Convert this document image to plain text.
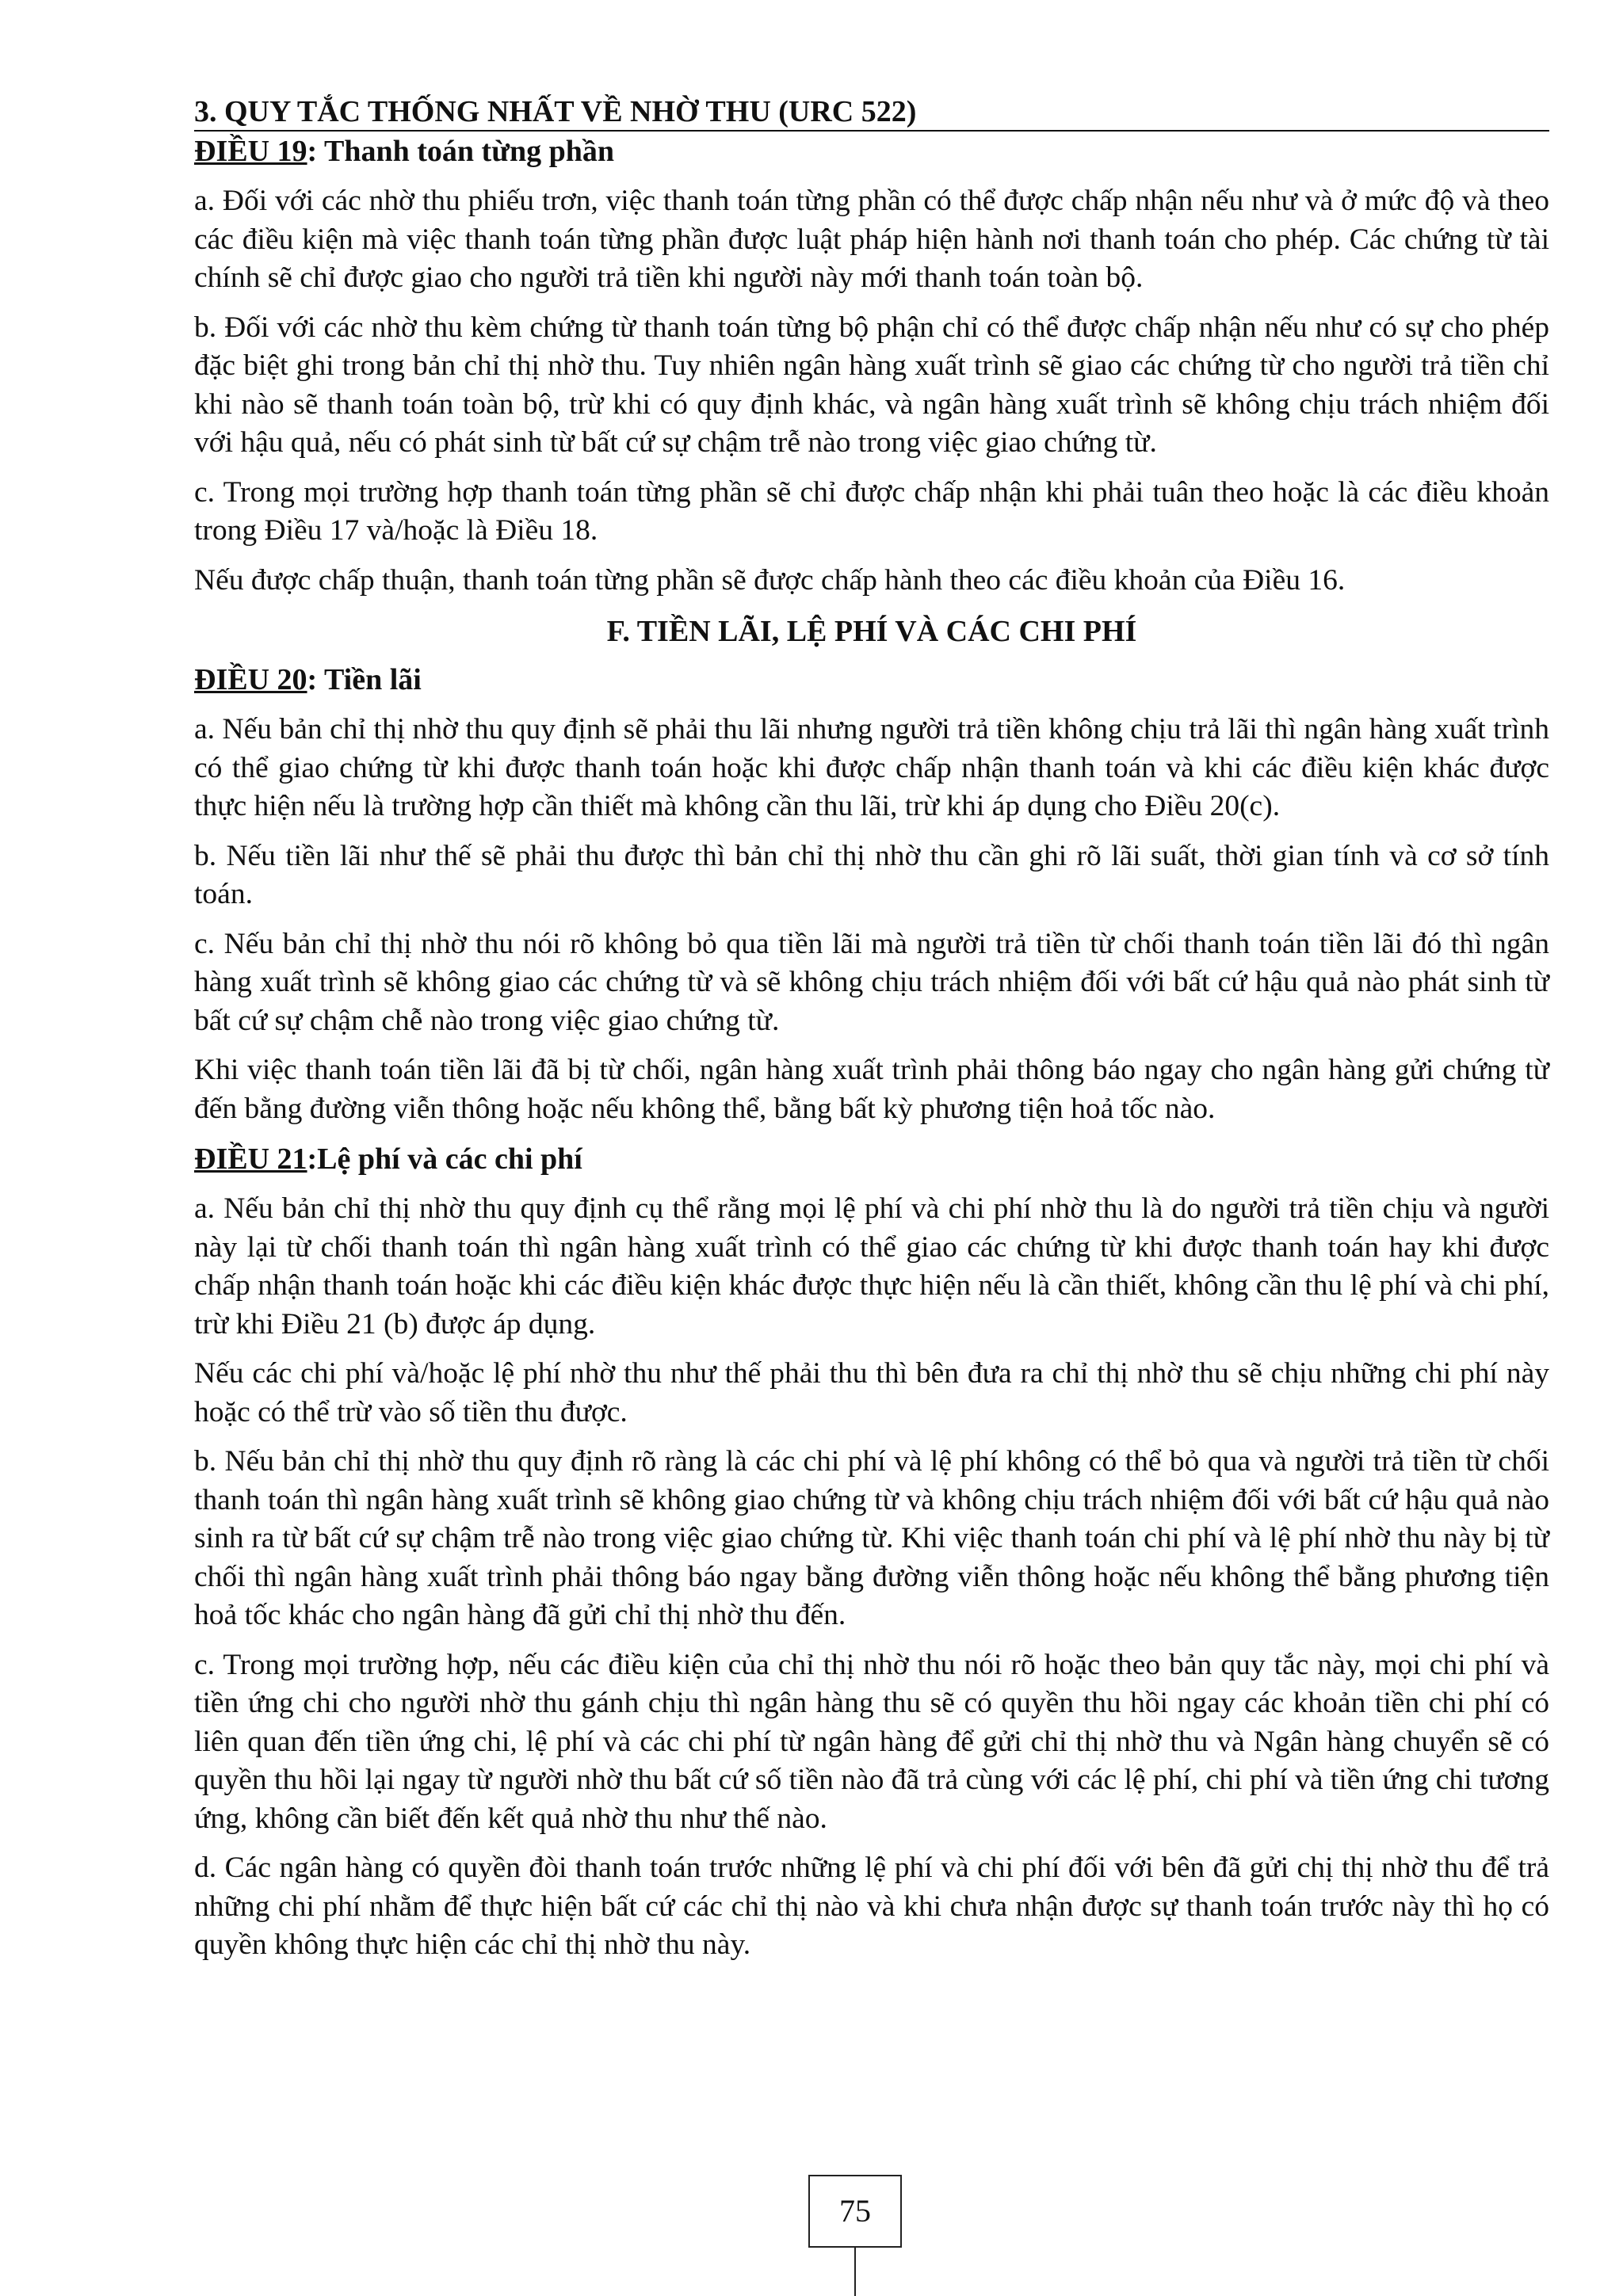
3. QUY TẮC THỐNG NHẤT VỀ NHỜ THU (URC 522)
ĐIỀU 19: Thanh toán từng phần

a. Đối với các nhờ thu phiếu trơn, việc thanh toán từng phần có thể được chấp nhận nếu như và ở mức độ và theo các điều kiện mà việc thanh toán từng phần được luật pháp hiện hành nơi thanh toán cho phép. Các chứng từ tài chính sẽ chỉ được giao cho người trả tiền khi người này mới thanh toán toàn bộ.

b. Đối với các nhờ thu kèm chứng từ thanh toán từng bộ phận chỉ có thể được chấp nhận nếu như có sự cho phép đặc biệt ghi trong bản chỉ thị nhờ thu. Tuy nhiên ngân hàng xuất trình sẽ giao các chứng từ cho người trả tiền chỉ khi nào sẽ thanh toán toàn bộ, trừ khi có quy định khác, và ngân hàng xuất trình sẽ không chịu trách nhiệm đối với hậu quả, nếu có phát sinh từ bất cứ sự chậm trễ nào trong việc giao chứng từ.

c. Trong mọi trường hợp thanh toán từng phần sẽ chỉ được chấp nhận khi phải tuân theo hoặc là các điều khoản trong Điều 17 và/hoặc là Điều 18.

Nếu được chấp thuận, thanh toán từng phần sẽ được chấp hành theo các điều khoản của Điều 16.

F. TIỀN LÃI, LỆ PHÍ VÀ CÁC CHI PHÍ
ĐIỀU 20: Tiền lãi

a. Nếu bản chỉ thị nhờ thu quy định sẽ phải thu lãi nhưng người trả tiền không chịu trả lãi thì ngân hàng xuất trình có thể giao chứng từ khi được thanh toán hoặc khi được chấp nhận thanh toán và khi các điều kiện khác được thực hiện nếu là trường hợp cần thiết mà không cần thu lãi, trừ khi áp dụng cho Điều 20(c).

b. Nếu tiền lãi như thế sẽ phải thu được thì bản chỉ thị nhờ thu cần ghi rõ lãi suất, thời gian tính và cơ sở tính toán.

c. Nếu bản chỉ thị nhờ thu nói rõ không bỏ qua tiền lãi mà người trả tiền từ chối thanh toán tiền lãi đó thì ngân hàng xuất trình sẽ không giao các chứng từ và sẽ không chịu trách nhiệm đối với bất cứ hậu quả nào phát sinh từ bất cứ sự chậm chễ nào trong việc giao chứng từ.

Khi việc thanh toán tiền lãi đã bị từ chối, ngân hàng xuất trình phải thông báo ngay cho ngân hàng gửi chứng từ đến bằng đường viễn thông hoặc nếu không thể, bằng bất kỳ phương tiện hoả tốc nào.

ĐIỀU 21:Lệ phí và các chi phí

a. Nếu bản chỉ thị nhờ thu quy định cụ thể rằng mọi lệ phí và chi phí nhờ thu là do người trả tiền chịu và người này lại từ chối thanh toán thì ngân hàng xuất trình có thể giao các chứng từ khi được thanh toán hay khi được chấp nhận thanh toán hoặc khi các điều kiện khác được thực hiện nếu là cần thiết, không cần thu lệ phí và chi phí, trừ khi Điều 21 (b) được áp dụng.

Nếu các chi phí và/hoặc lệ phí nhờ thu như thế phải thu thì bên đưa ra chỉ thị nhờ thu sẽ chịu những chi phí này hoặc có thể trừ vào số tiền thu được.

b. Nếu bản chỉ thị nhờ thu quy định rõ ràng là các chi phí và lệ phí không có thể bỏ qua và người trả tiền từ chối thanh toán thì ngân hàng xuất trình sẽ không giao chứng từ và không chịu trách nhiệm đối với bất cứ hậu quả nào sinh ra từ bất cứ sự chậm trễ nào trong việc giao chứng từ. Khi việc thanh toán chi phí và lệ phí nhờ thu này bị từ chối thì ngân hàng xuất trình phải thông báo ngay bằng đường viễn thông hoặc nếu không thể bằng phương tiện hoả tốc khác cho ngân hàng đã gửi chỉ thị nhờ thu đến.

c. Trong mọi trường hợp, nếu các điều kiện của chỉ thị nhờ thu nói rõ hoặc theo bản quy tắc này, mọi chi phí và tiền ứng chi cho người nhờ thu gánh chịu thì ngân hàng thu sẽ có quyền thu hồi ngay các khoản tiền chi phí có liên quan đến tiền ứng chi, lệ phí và các chi phí từ ngân hàng để gửi chỉ thị nhờ thu và Ngân hàng chuyển sẽ có quyền thu hồi lại ngay từ người nhờ thu bất cứ số tiền nào đã trả cùng với các lệ phí, chi phí và tiền ứng chi tương ứng, không cần biết đến kết quả nhờ thu như thế nào.

d. Các ngân hàng có quyền đòi thanh toán trước những lệ phí và chi phí đối với bên đã gửi chị thị nhờ thu để trả những chi phí nhằm để thực hiện bất cứ các chỉ thị nào và khi chưa nhận được sự thanh toán trước này thì họ có quyền không thực hiện các chỉ thị nhờ thu này.

75
